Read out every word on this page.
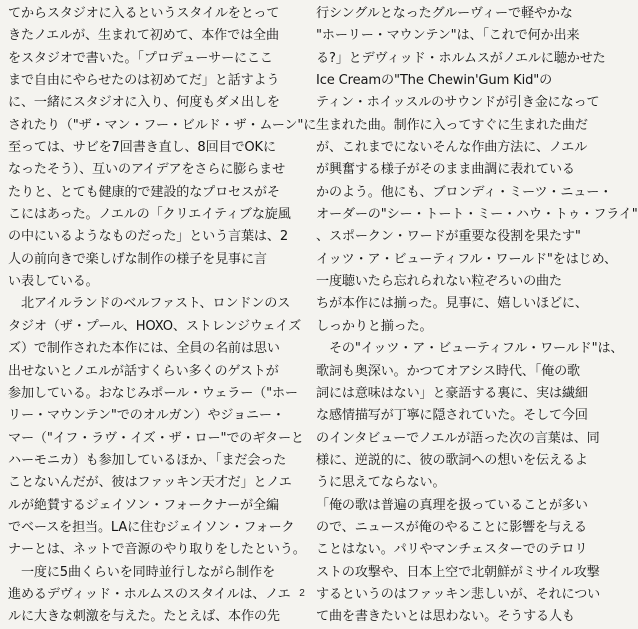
てからスタジオに入るというスタイルをとって
きたノエルが、生まれて初めて、本作では全曲
をスタジオで書いた。「プロデューサーにここ
まで自由にやらせたのは初めてだ」と話すよう
に、一緒にスタジオに入り、何度もダメ出しを
されたり（"ザ・マン・フー・ビルド・ザ・ムーン"に
至っては、サビを7回書き直し、8回目でOKに
なったそう）、互いのアイデアをさらに膨らませ
たりと、とても健康的で建設的なプロセスがそ
こにはあった。ノエルの「クリエイティブな旋風
の中にいるようなものだった」という言葉は、2
人の前向きで楽しげな制作の様子を見事に言
い表している。
　北アイルランドのベルファスト、ロンドンのス
タジオ（ザ・プール、HOXO、ストレンジウェイズ
ズ）で制作された本作には、全員の名前は思い
出せないとノエルが話すくらい多くのゲストが
参加している。おなじみポール・ウェラー（"ホー
リー・マウンテン"でのオルガン）やジョニー・
マー（"イフ・ラヴ・イズ・ザ・ロー"でのギターと
ハーモニカ）も参加しているほか、「まだ会った
ことないんだが、彼はファッキン天才だ」とノエ
ルが絶賛するジェイソン・フォークナーが全編
でベースを担当。LAに住むジェイソン・フォーク
ナーとは、ネットで音源のやり取りをしたという。
　一度に5曲くらいを同時並行しながら制作を
進めるデヴィッド・ホルムスのスタイルは、ノエ
ルに大きな刺激を与えた。たとえば、本作の先
行シングルとなったグルーヴィーで軽やかな
"ホーリー・マウンテン"は、「これで何か出来
る?」とデヴィッド・ホルムスがノエルに聴かせた
Ice Creamの"The Chewin'Gum Kid"の
ティン・ホイッスルのサウンドが引き金になって
生まれた曲。制作に入ってすぐに生まれた曲だ
が、これまでにないそんな作曲方法に、ノエル
が興奮する様子がそのまま曲調に表れている
かのよう。他にも、ブロンディ・ミーツ・ニュー・
オーダーの"シー・トート・ミー・ハウ・トゥ・フライ"
、スポークン・ワードが重要な役割を果たす"
イッツ・ア・ビューティフル・ワールド"をはじめ、
一度聴いたら忘れられない粒ぞろいの曲た
ちが本作には揃った。見事に、嬉しいほどに、
しっかりと揃った。
　その"イッツ・ア・ビューティフル・ワールド"は、
歌詞も奥深い。かつてオアシス時代、「俺の歌
詞には意味はない」と豪語する裏に、実は繊細
な感情描写が丁寧に隠されていた。そして今回
のインタビューでノエルが語った次の言葉は、同
様に、逆説的に、彼の歌詞への想いを伝えるよ
うに思えてならない。
「俺の歌は普遍の真理を扱っていることが多い
ので、ニュースが俺のやることに影響を与える
ことはない。パリやマンチェスターでのテロリ
ストの攻撃や、日本上空で北朝鮮がミサイル攻撃
するというのはファッキン悲しいが、それについ
て曲を書きたいとは思わない。そうする人も
2
